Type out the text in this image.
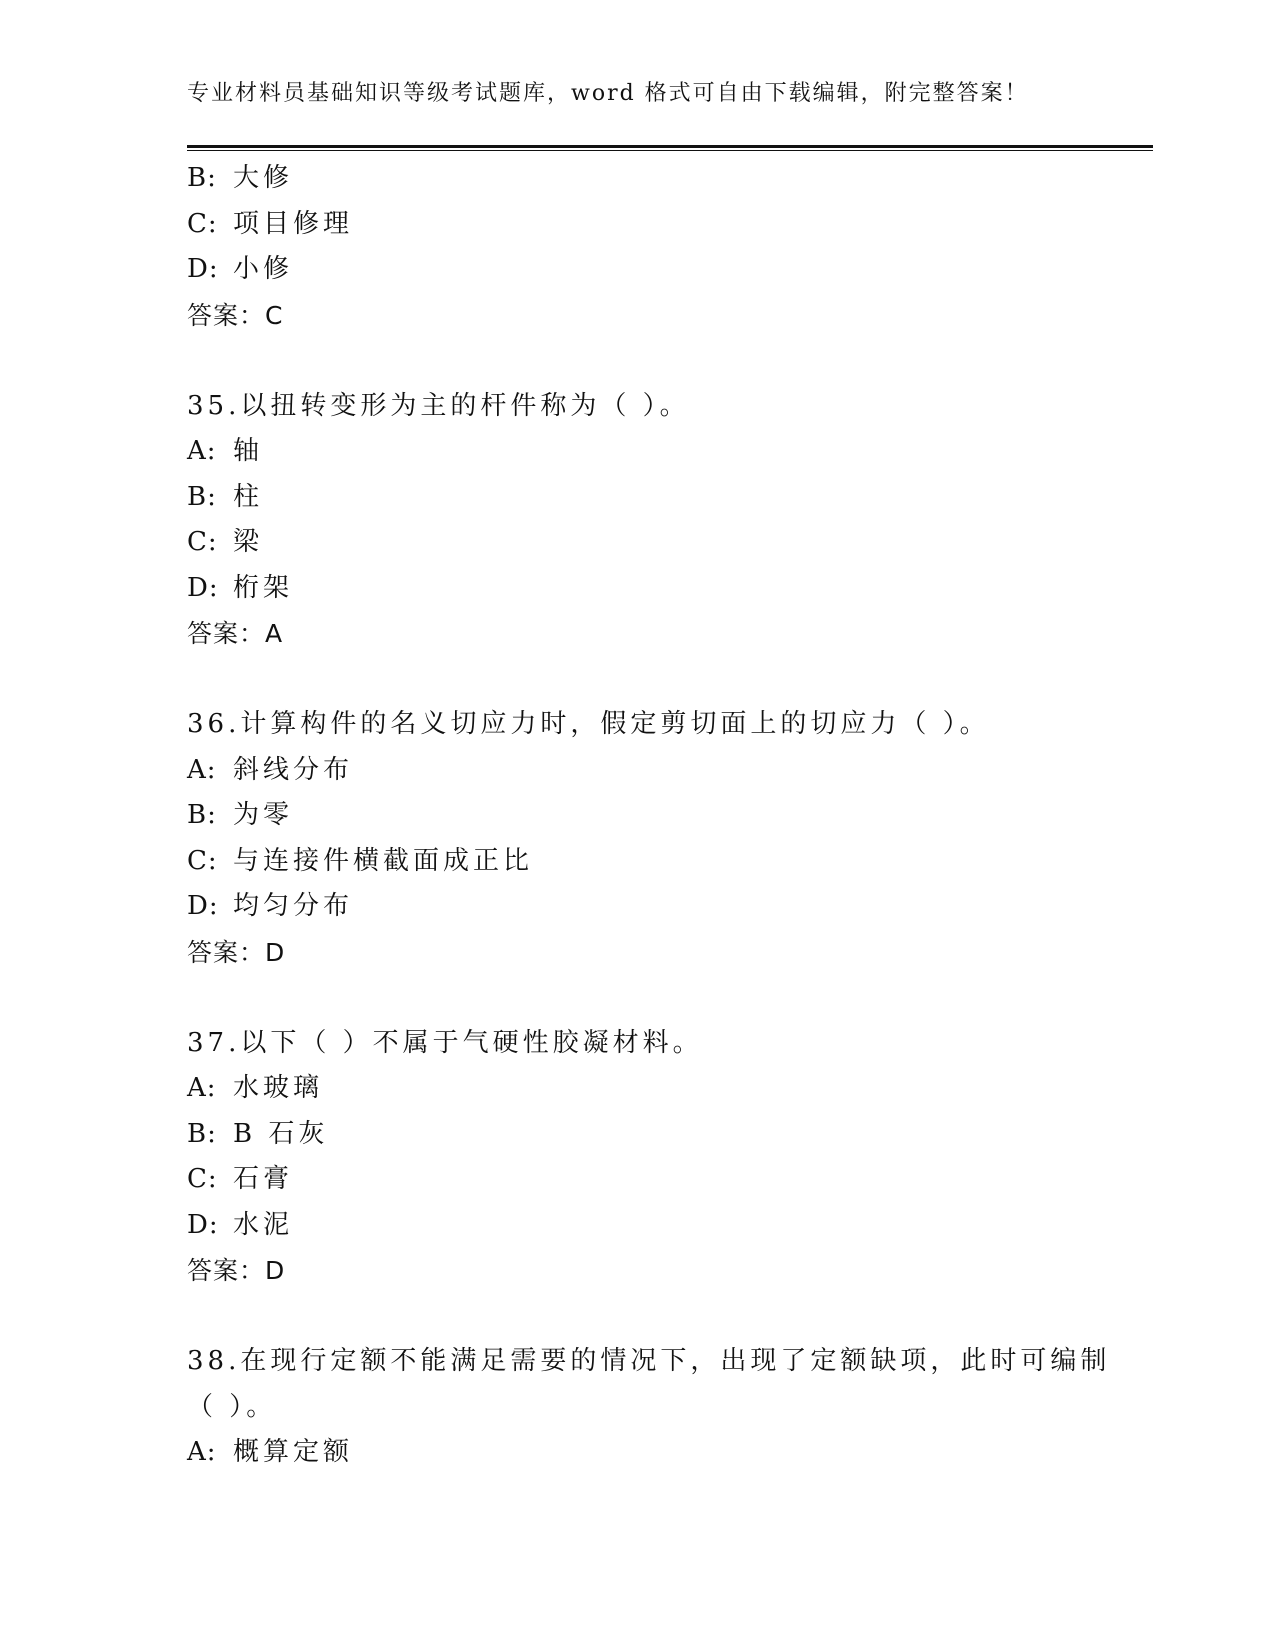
专业材料员基础知识等级考试题库，word 格式可自由下载编辑，附完整答案！
B: 大修
C: 项目修理
D: 小修
答案：C
35.以扭转变形为主的杆件称为（ ）。
A: 轴
B: 柱
C: 梁
D: 桁架
答案：A
36.计算构件的名义切应力时，假定剪切面上的切应力（ ）。
A: 斜线分布
B: 为零
C: 与连接件横截面成正比
D: 均匀分布
答案：D
37.以下（ ）不属于气硬性胶凝材料。
A: 水玻璃
B: B 石灰
C: 石膏
D: 水泥
答案：D
38.在现行定额不能满足需要的情况下，出现了定额缺项，此时可编制
（ ）。
A: 概算定额
